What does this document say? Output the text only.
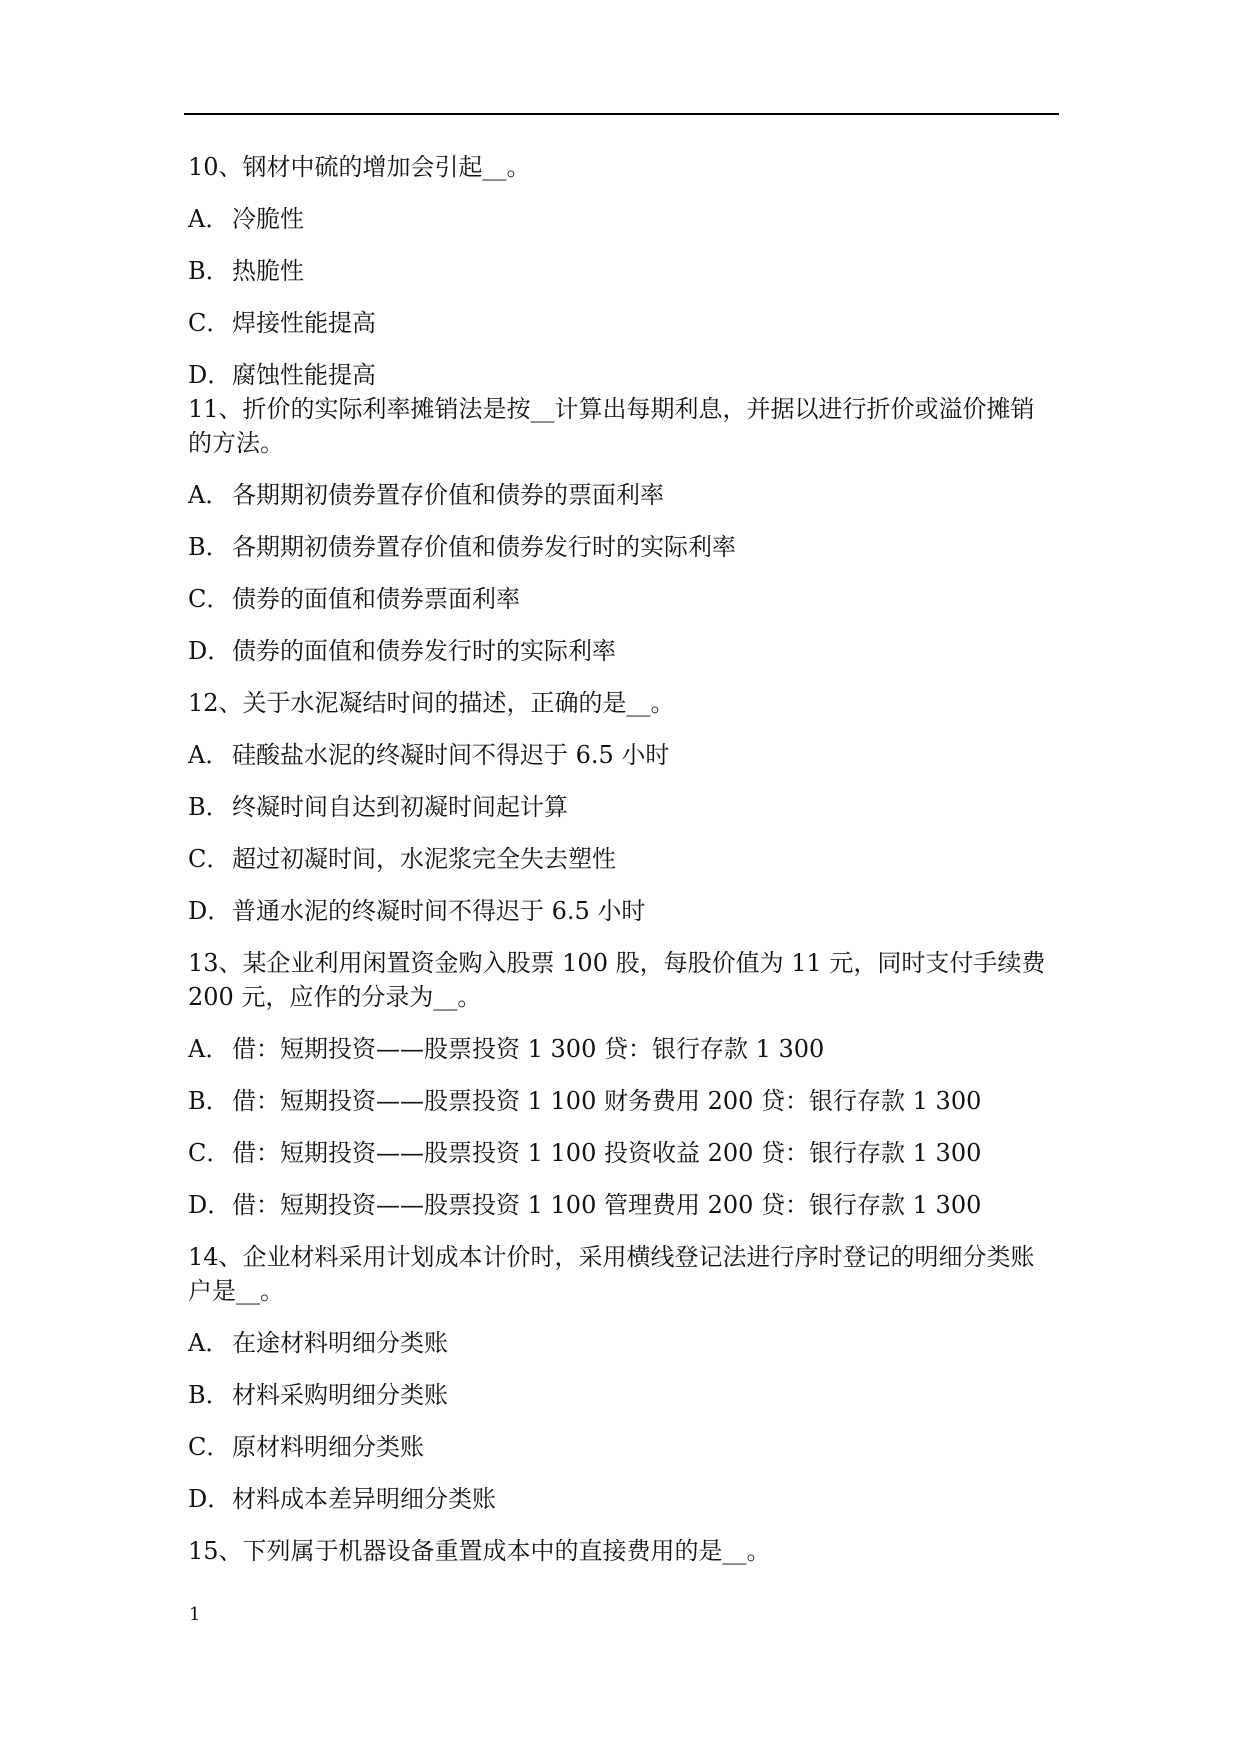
10、钢材中硫的增加会引起__。
A． 冷脆性
B．热脆性
C．焊接性能提高
D．腐蚀性能提高
11、折价的实际利率摊销法是按__计算出每期利息，并据以进行折价或溢价摊销的方法。
A． 各期期初债券置存价值和债券的票面利率
B．各期期初债券置存价值和债券发行时的实际利率
C．债券的面值和债券票面利率
D．债券的面值和债券发行时的实际利率
12、关于水泥凝结时间的描述，正确的是__。
A． 硅酸盐水泥的终凝时间不得迟于 6.5 小时
B．终凝时间自达到初凝时间起计算
C．超过初凝时间，水泥浆完全失去塑性
D．普通水泥的终凝时间不得迟于 6.5 小时
13、某企业利用闲置资金购入股票 100 股，每股价值为 11 元，同时支付手续费 200 元，应作的分录为__。
A． 借：短期投资——股票投资 1 300 贷：银行存款 1 300
B．借：短期投资——股票投资 1 100 财务费用 200 贷：银行存款 1 300
C．借：短期投资——股票投资 1 100 投资收益 200 贷：银行存款 1 300
D．借：短期投资——股票投资 1 100 管理费用 200 贷：银行存款 1 300
14、企业材料采用计划成本计价时，采用横线登记法进行序时登记的明细分类账户是__。
A． 在途材料明细分类账
B．材料采购明细分类账
C．原材料明细分类账
D．材料成本差异明细分类账
15、下列属于机器设备重置成本中的直接费用的是__。
1
